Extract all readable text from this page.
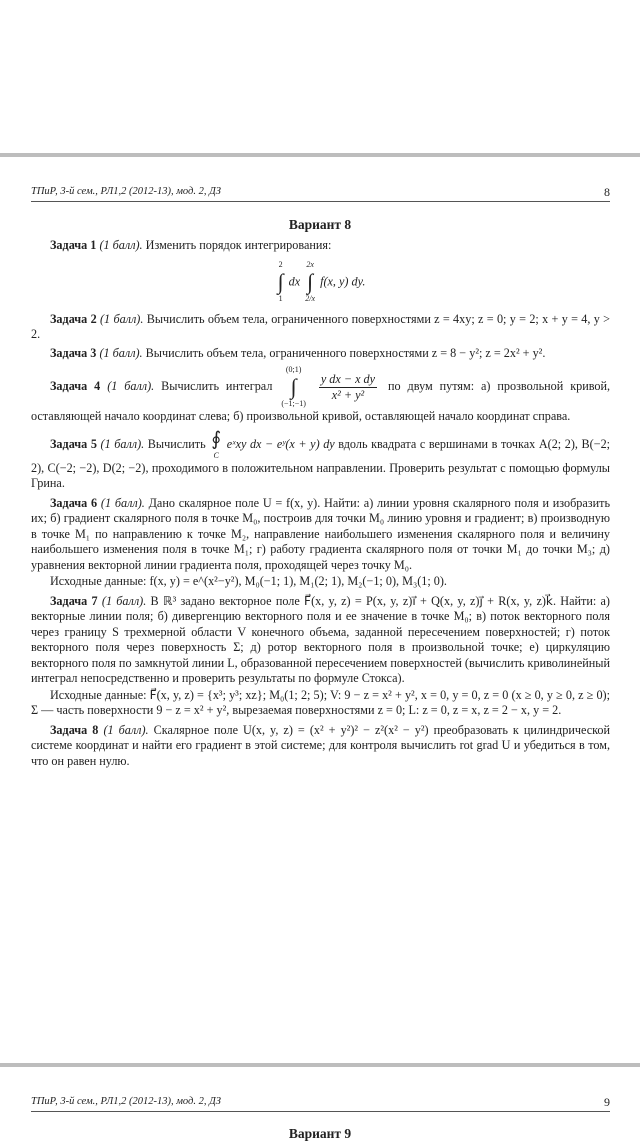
ТПиР, 3-й сем., РЛ1,2 (2012-13), мод. 2, ДЗ	8
Вариант 8

Задача 1 (1 балл). Изменить порядок интегрирования:

2
∫
1
dx
2x
∫
2/x
f(x, y) dy.

Задача 2 (1 балл). Вычислить объем тела, ограниченного поверхностями z = 4xy; z = 0; y = 2; x + y = 4, y > 2.

Задача 3 (1 балл). Вычислить объем тела, ограниченного поверхностями z = 8 − y²; z = 2x² + y².

Задача 4 (1 балл). Вычислить интеграл
(0;1)
∫
(−1;−1)

$\frac{\text{y dx − x dy}}{\text{x² + y²}}$ по двум путям: а) прозвольной кривой, оставляющей начало координат слева; б) произвольной кривой, оставляющей начало координат справа.

Задача 5 (1 балл). Вычислить ∮
C
eˣxy dx − eʸ(x + y) dy вдоль квадрата с вершинами в точках A(2; 2), B(−2; 2), C(−2; −2), D(2; −2), проходимого в положительном направлении. Проверить результат с помощью формулы Грина.

Задача 6 (1 балл). Дано скалярное поле U = f(x, y). Найти: а) линии уровня скалярного поля и изобразить их; б) градиент скалярного поля в точке M₀, построив для точки M₀ линию уровня и градиент; в) производную в точке M₁ по направлению к точке M₂, направление наибольшего изменения скалярного поля и величину наибольшего изменения поля в точке M₁; г) работу градиента скалярного поля от точки M₁ до точки M₃; д) уравнения векторной линии градиента поля, проходящей через точку M₀.

Исходные данные: f(x, y) = e^(x²−y²), M₀(−1; 1), M₁(2; 1), M₂(−1; 0), M₃(1; 0).

Задача 7 (1 балл). В ℝ³ задано векторное поле F⃗(x, y, z) = P(x, y, z)i⃗ + Q(x, y, z)j⃗ + R(x, y, z)k⃗. Найти: а) векторные линии поля; б) дивергенцию векторного поля и ее значение в точке M₀; в) поток векторного поля через границу S трехмерной области V конечного объема, заданной пересечением поверхностей; г) поток векторного поля через поверхность Σ; д) ротор векторного поля в произвольной точке; е) циркуляцию векторного поля по замкнутой линии L, образованной пересечением поверхностей (вычислить криволинейный интеграл непосредственно и проверить результаты по формуле Стокса).

Исходные данные: F⃗(x, y, z) = {x³; y³; xz}; M₀(1; 2; 5); V: 9 − z = x² + y², x = 0, y = 0, z = 0 (x ≥ 0, y ≥ 0, z ≥ 0); Σ — часть поверхности 9 − z = x² + y², вырезаемая поверхностями z = 0; L: z = 0, z = x, z = 2 − x, y = 2.

Задача 8 (1 балл). Скалярное поле U(x, y, z) = (x² + y²)² − z²(x² − y²) преобразовать к цилиндрической системе координат и найти его градиент в этой системе; для контроля вычислить rot grad U и убедиться в том, что он равен нулю.

ТПиР, 3-й сем., РЛ1,2 (2012-13), мод. 2, ДЗ	9
Вариант 9
